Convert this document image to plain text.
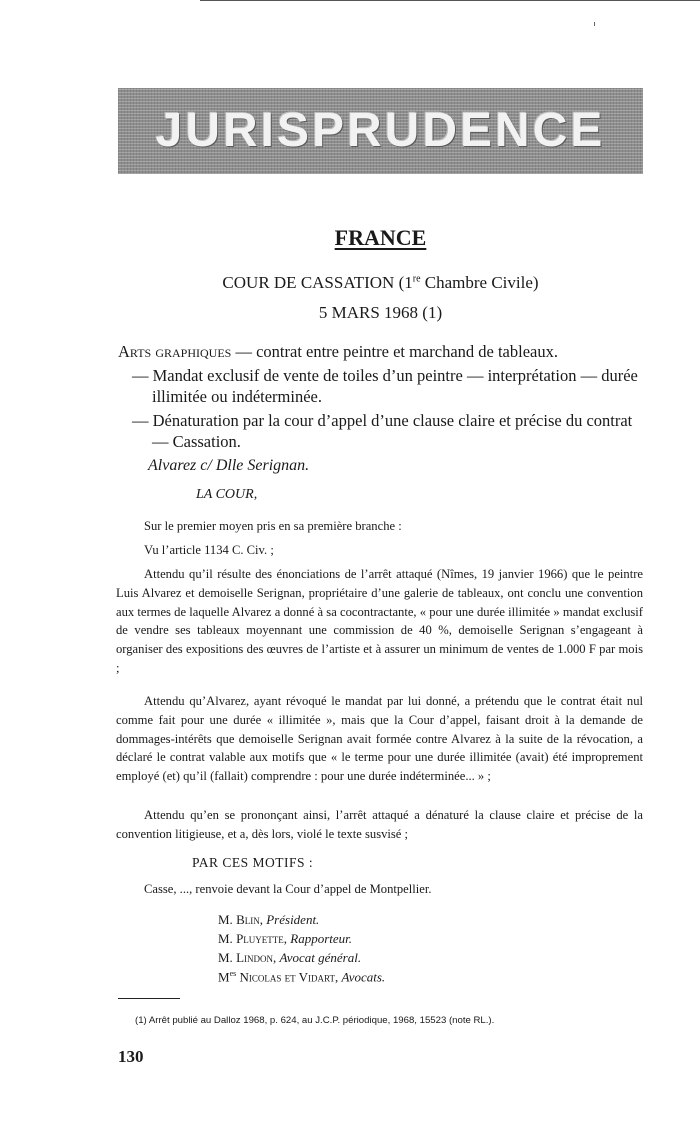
JURISPRUDENCE
FRANCE
COUR DE CASSATION (1re Chambre Civile)
5 MARS 1968 (1)
Arts graphiques — contrat entre peintre et marchand de tableaux.
— Mandat exclusif de vente de toiles d’un peintre — interprétation — durée illimitée ou indéterminée.
— Dénaturation par la cour d’appel d’une clause claire et précise du contrat — Cassation.
Alvarez c/ Dlle Serignan.
LA COUR,
Sur le premier moyen pris en sa première branche :
Vu l’article 1134 C. Civ. ;
Attendu qu’il résulte des énonciations de l’arrêt attaqué (Nîmes, 19 janvier 1966) que le peintre Luis Alvarez et demoiselle Serignan, propriétaire d’une galerie de tableaux, ont conclu une convention aux termes de laquelle Alvarez a donné à sa cocontractante, « pour une durée illimitée » mandat exclusif de vendre ses tableaux moyennant une commission de 40 %, demoiselle Serignan s’engageant à organiser des expositions des œuvres de l’artiste et à assurer un minimum de ventes de 1.000 F par mois ;
Attendu qu’Alvarez, ayant révoqué le mandat par lui donné, a prétendu que le contrat était nul comme fait pour une durée « illimitée », mais que la Cour d’appel, faisant droit à la demande de dommages-intérêts que demoiselle Serignan avait formée contre Alvarez à la suite de la révocation, a déclaré le contrat valable aux motifs que « le terme pour une durée illimitée (avait) été improprement employé (et) qu’il (fallait) comprendre : pour une durée indéterminée... » ;
Attendu qu’en se prononçant ainsi, l’arrêt attaqué a dénaturé la clause claire et précise de la convention litigieuse, et a, dès lors, violé le texte susvisé ;
PAR CES MOTIFS :
Casse, ..., renvoie devant la Cour d’appel de Montpellier.
M. Blin, Président.
M. Pluyette, Rapporteur.
M. Lindon, Avocat général.
$M^{es}$ Nicolas et Vidart, Avocats.
(1) Arrêt publié au Dalloz 1968, p. 624, au J.C.P. périodique, 1968, 15523 (note RL.).
130
